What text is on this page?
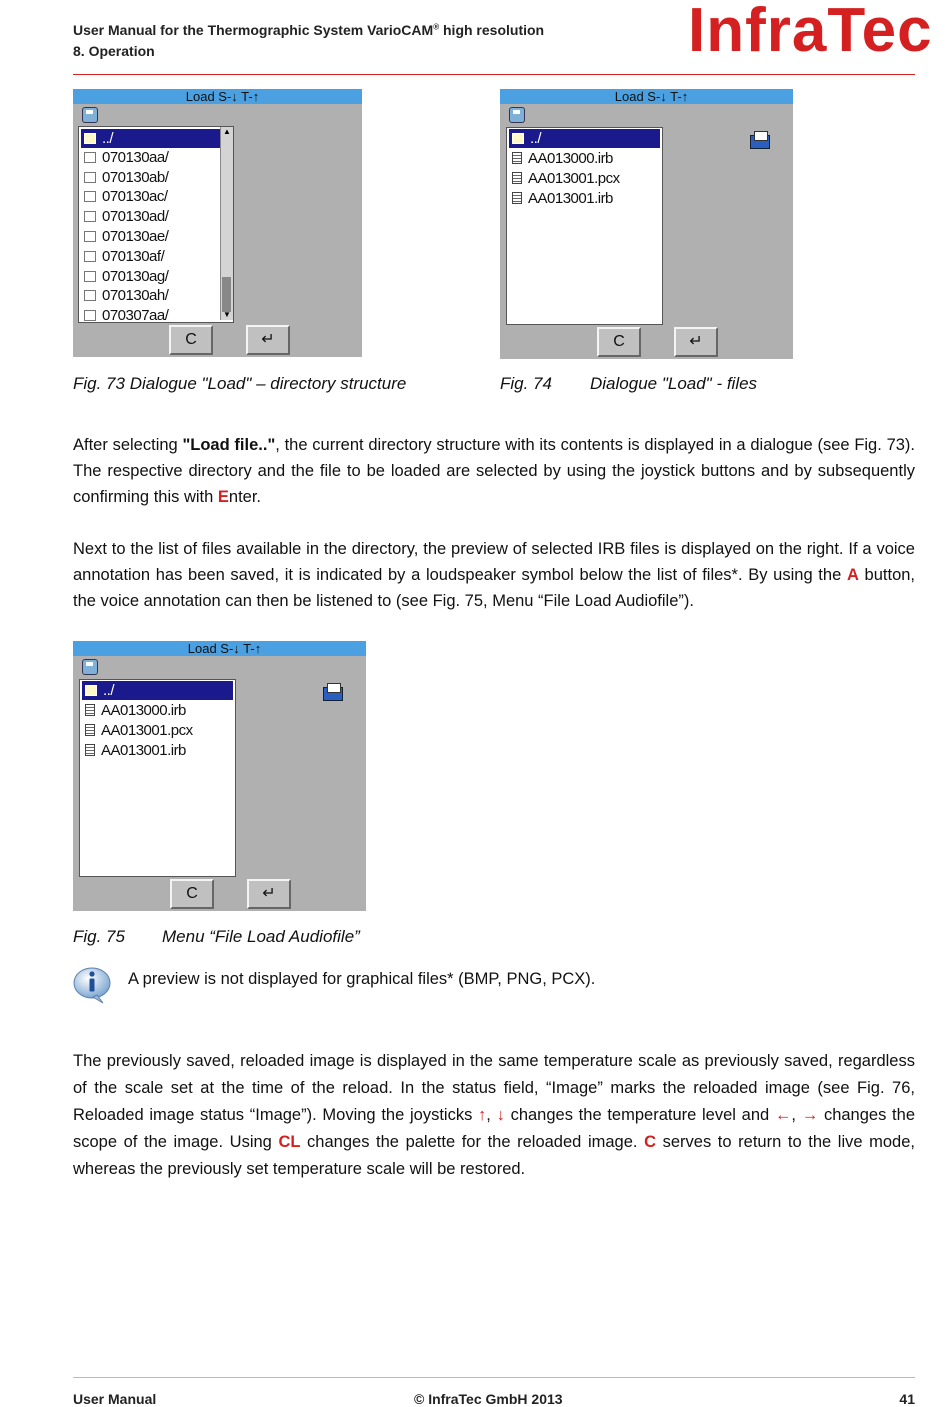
User Manual for the Thermographic System VarioCAM® high resolution
8. Operation	InfraTec
Load S-↓ T-↑
../
070130aa/
070130ab/
070130ac/
070130ad/
070130ae/
070130af/
070130ag/
070130ah/
070307aa/
▲
▼
C	↵
Load S-↓ T-↑
../
AA013000.irb
AA013001.pcx
AA013001.irb
C	↵
Fig. 73 Dialogue "Load" – directory structure	Fig. 74 Dialogue "Load" - files
After selecting "Load file..", the current directory structure with its contents is displayed in a dialogue (see Fig. 73). The respective directory and the file to be loaded are selected by using the joystick buttons and by subsequently confirming this with Enter.
Next to the list of files available in the directory, the preview of selected IRB files is displayed on the right. If a voice annotation has been saved, it is indicated by a loudspeaker symbol below the list of files*. By using the A button, the voice annotation can then be listened to (see Fig. 75, Menu “File Load Audiofile”).
Load S-↓ T-↑
../
AA013000.irb
AA013001.pcx
AA013001.irb
C	↵
Fig. 75 Menu “File Load Audiofile”
A preview is not displayed for graphical files* (BMP, PNG, PCX).
The previously saved, reloaded image is displayed in the same temperature scale as previously saved, regardless of the scale set at the time of the reload. In the status field, “Image” marks the reloaded image (see Fig. 76, Reloaded image status “Image”). Moving the joysticks ↑, ↓ changes the temperature level and ←, → changes the scope of the image. Using CL changes the palette for the reloaded image. C serves to return to the live mode, whereas the previously set temperature scale will be restored.
User Manual	© InfraTec GmbH 2013	41
